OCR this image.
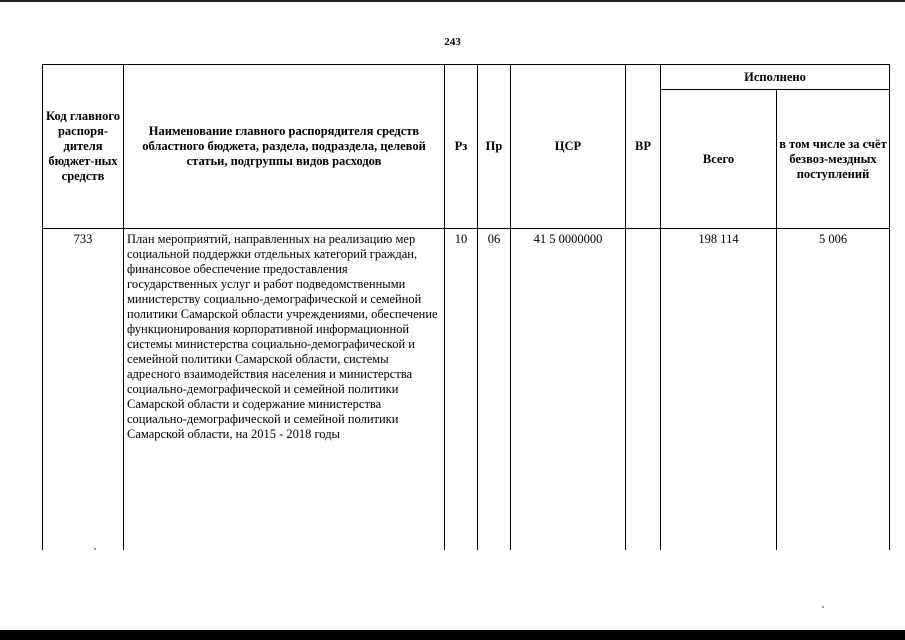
243
Код главного распоря-дителя бюджет-ных средств	Наименование главного распорядителя средств областного бюджета, раздела, подраздела, целевой статьи, подгруппы видов расходов	Рз	Пр	ЦСР	ВР	Исполнено	
						Всего	в том числе за счёт безвоз-мездных поступлений
733	План мероприятий, направленных на реализацию мер социальной поддержки отдельных категорий граждан, финансовое обеспечение предоставления государственных услуг и работ подведомственными министерству социально-демографической и семейной политики Самарской области учреждениями, обеспечение функционирования корпоративной информационной системы министерства социально-демографической и семейной политики Самарской области, системы адресного взаимодействия населения и министерства социально-демографической и семейной политики Самарской области и содержание министерства социально-демографической и семейной политики Самарской области, на 2015 - 2018 годы	10	06	41 5 0000000		198 114	5 006
